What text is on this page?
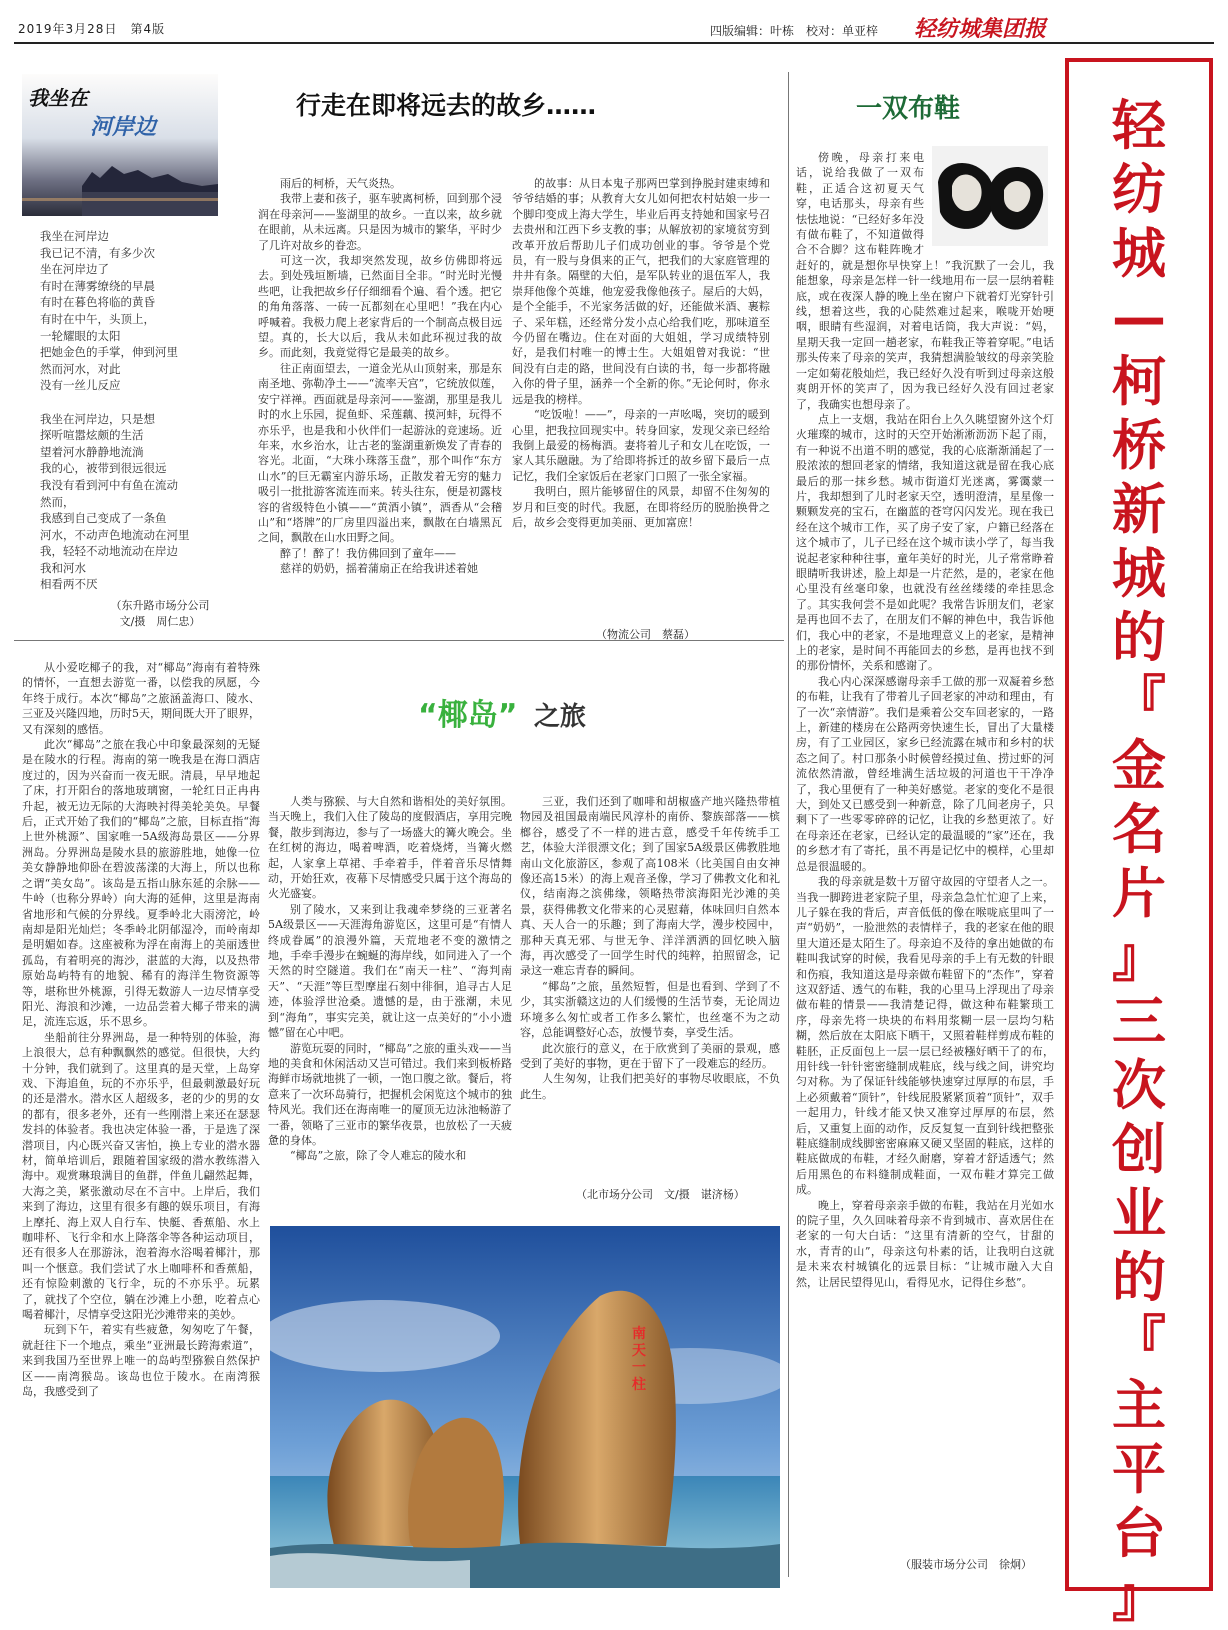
2019年3月28日　第4版	四版编辑：叶栋　校对：单亚梓 轻纺城集团报
轻
纺
城
—
柯
桥
新
城
的
『
金
名
片
』
三
次
创
业
的
『
主
平
台
』
我坐在
河岸边
我坐在河岸边
我已记不清，有多少次
坐在河岸边了
有时在薄雾缭绕的早晨
有时在暮色将临的黄昏
有时在中午，头顶上，
一轮耀眼的太阳
把她金色的手掌，伸到河里
然而河水，对此
没有一丝儿反应

我坐在河岸边，只是想
探听喧嚣炫颇的生活
望着河水静静地流淌
我的心，被带到很远很远
我没有看到河中有鱼在流动
然而，
我感到自己变成了一条鱼
河水，不动声色地流动在河里
我，轻轻不动地流动在岸边
我和河水
相看两不厌
（东升路市场分公司
文/摄　周仁忠）
行走在即将远去的故乡……

雨后的柯桥，天气炎热。

我带上妻和孩子，驱车驶离柯桥，回到那个浸润在母亲河——鉴湖里的故乡。一直以来，故乡就在眼前，从未远离。只是因为城市的繁华，平时少了几许对故乡的眷恋。

可这一次，我却突然发现，故乡仿佛即将远去。到处残垣断墙，已然面目全非。“时光时光慢些吧，让我把故乡仔仔细细看个遍、看个透。把它的角角落落、一砖一瓦都刻在心里吧！”我在内心呼喊着。我极力爬上老家背后的一个制高点极目远望。真的，长大以后，我从未如此环视过我的故乡。而此刻，我竟觉得它是最美的故乡。

往正南面望去，一道金光从山顶射来，那是东南圣地、弥勒净土——“流率天宫”，它统放似莲，安宁祥禅。西面就是母亲河——鉴湖，那里是我儿时的水上乐园，捉鱼虾、采莲藕、摸河蚌，玩得不亦乐乎，也是我和小伙伴们一起游泳的竞速场。近年来，水乡治水，让古老的鉴湖重新焕发了青春的容光。北面，“大珠小珠落玉盘”，那个叫作“东方山水”的巨无霸室内游乐场，正散发着无穷的魅力吸引一批批游客流连而来。转头往东，便是初露枝容的省级特色小镇——“黄酒小镇”，酒香从“会稽山”和“塔牌”的厂房里四溢出来，飘散在白墙黑瓦之间，飘散在山水田野之间。

醉了！醉了！我仿佛回到了童年——

慈祥的奶奶，摇着蒲扇正在给我讲述着她

的故事：从日本鬼子那两巴掌到挣脱封建束缚和爷爷结婚的事；从教育大女儿如何把农村姑娘一步一个脚印变成上海大学生，毕业后再支持她和国家号召去贵州和江西下乡支教的事；从解放初的家境贫穷到改革开放后帮助儿子们成功创业的事。爷爷是个党员，有一股与身俱来的正气，把我们的大家庭管理的井井有条。隔壁的大伯，是军队转业的退伍军人，我崇拜他像个英雄，他宠爱我像他孩子。屋后的大妈，是个全能手，不光家务活做的好，还能做米酒、裹粽子、采年糕，还经常分发小点心给我们吃，那味道至今仍留在嘴边。住在对面的大姐姐，学习成绩特别好，是我们村唯一的博士生。大姐姐曾对我说：“世间没有白走的路，世间没有白读的书，每一步都将融入你的骨子里，涵养一个全新的你。”无论何时，你永远是我的榜样。

“吃饭啦！——”，母亲的一声吆喝，突切的暖到心里，把我拉回现实中。转身回家，发现父亲已经给我倒上最爱的杨梅酒。妻将着儿子和女儿在吃饭，一家人其乐融融。为了给即将拆迁的故乡留下最后一点记忆，我们全家饭后在老家门口照了一张全家福。

我明白，照片能够留住的风景，却留不住匆匆的岁月和巨变的时代。我愿，在即将经历的脱胎换骨之后，故乡会变得更加美丽、更加富庶！

（物流公司　蔡磊）
一双布鞋

傍晚，母亲打来电话，说给我做了一双布鞋，正适合这初夏天气穿，电话那头，母亲有些怯怯地说：“已经好多年没有做布鞋了，不知道做得合不合脚？这布鞋阵晚才赶好的，就是想你早快穿上！”我沉默了一会儿，我能想象，母亲是怎样一针一线地用布一层一层纳着鞋底，或在夜深人静的晚上坐在窗户下就着灯光穿针引线，想着这些，我的心陡然难过起来，喉咙开始哽咽，眼睛有些湿润，对着电话筒，我大声说：“妈，星期天我一定回一趟老家，布鞋我正等着穿呢。”电话那头传来了母亲的笑声，我猜想满脸皱纹的母亲笑脸一定如菊花般灿烂，我已经好久没有听到过母亲这般爽朗开怀的笑声了，因为我已经好久没有回过老家了，我确实也想母亲了。

点上一支烟，我站在阳台上久久眺望窗外这个灯火璀璨的城市，这时的天空开始淅淅沥沥下起了雨，有一种说不出道不明的感觉，我的心底渐渐涌起了一股浓浓的想回老家的情绪，我知道这就是留在我心底最后的那一抹乡愁。城市街道灯光迷离，雾霭蒙一片，我却想到了儿时老家天空，透明澄清，星星像一颗颗发亮的宝石，在幽蓝的苍穹闪闪发光。现在我已经在这个城市工作，买了房子安了家，户籍已经落在这个城市了，儿子已经在这个城市读小学了，每当我说起老家种种往事，童年美好的时光，儿子常常睁着眼睛听我讲述，脸上却是一片茫然，是的，老家在他心里没有丝毫印象，也就没有丝丝缕缕的牵挂思念了。其实我何尝不是如此呢？我常告诉朋友们，老家是再也回不去了，在朋友们不解的神色中，我告诉他们，我心中的老家，不是地理意义上的老家，是精神上的老家，是时间不再能回去的乡愁，是再也找不到的那份情怀，关系和感谢了。

我心内心深深感谢母亲手工做的那一双凝着乡愁的布鞋，让我有了带着儿子回老家的冲动和理由，有了一次“亲情游”。我们是乘着公交车回老家的，一路上，新建的楼房在公路两旁快速生长，冒出了大量楼房，有了工业园区，家乡已经流露在城市和乡村的状态之间了。村口那条小时候曾经摸过鱼、捞过虾的河流依然清澈，曾经堆满生活垃圾的河道也干干净净了，我心里便有了一种美好感觉。老家的变化不是很大，到处又已感受到一种新意，除了几间老房子，只剩下了一些零零碎碎的记忆，让我的乡愁更浓了。好在母亲还在老家，已经认定的最温暖的“家”还在，我的乡愁才有了寄托，虽不再是记忆中的模样，心里却总是很温暖的。

我的母亲就是数十万留守故园的守望者人之一。当我一脚跨进老家院子里，母亲急急忙忙迎了上来，儿子躲在我的背后，声音低低的像在喉咙底里叫了一声“奶奶”，一脸泄然的表情样子，我的老家在他的眼里大道还是太陌生了。母亲迫不及待的拿出她做的布鞋叫我试穿的时候，我看见母亲的手上有无数的针眼和伤痕，我知道这是母亲做布鞋留下的“杰作”，穿着这双舒适、透气的布鞋，我的心里马上浮现出了母亲做布鞋的情景——我清楚记得，做这种布鞋繁琐工序，母亲先将一块块的布料用浆糊一层一层均匀粘糊，然后放在太阳底下晒干，又照着鞋样剪成布鞋的鞋胚，正反面包上一层一层已经被糨好晒干了的布，用针线一针针密密缝制成鞋底，线与线之间，讲究均匀对称。为了保证针线能够快速穿过厚厚的布层，手上必须戴着“顶针”，针线屁股紧紧顶着“顶针”，双手一起用力，针线才能又快又准穿过厚厚的布层，然后，又重复上面的动作，反反复复一直到针线把整张鞋底缝制成线脚密密麻麻又硬又坚固的鞋底，这样的鞋底做成的布鞋，才经久耐磨，穿着才舒适透气；然后用黑色的布料缝制成鞋面，一双布鞋才算完工做成。

晚上，穿着母亲亲手做的布鞋，我站在月光如水的院子里，久久回味着母亲不肯到城市、喜欢居住在老家的一句大白话：“这里有清新的空气，甘甜的水，青青的山”，母亲这句朴素的话，让我明白这就是未来农村城镇化的远景目标：“让城市融入大自然，让居民望得见山，看得见水，记得住乡愁”。

（服装市场分公司　徐炯）

从小爱吃椰子的我，对“椰岛”海南有着特殊的情怀，一直想去游览一番，以偿我的夙愿，今年终于成行。本次“椰岛”之旅涵盖海口、陵水、三亚及兴隆四地，历时5天，期间既大开了眼界，又有深刻的感悟。

此次“椰岛”之旅在我心中印象最深刻的无疑是在陵水的行程。海南的第一晚我是在海口酒店度过的，因为兴奋而一夜无眠。清晨，早早地起了床，打开阳台的落地玻璃窗，一轮红日正冉冉升起，被无边无际的大海映衬得美轮美奂。早餐后，正式开始了我们的“椰岛”之旅，目标直指“海上世外桃源”、国家唯一5A级海岛景区——分界洲岛。分界洲岛是陵水县的旅游胜地，她像一位美女静静地仰卧在碧波荡漾的大海上，所以也称之谓“美女岛”。该岛是五指山脉东延的余脉——牛岭（也称分界岭）向大海的延伸，这里是海南省地形和气候的分界线。夏季岭北大雨滂沱，岭南却是阳光灿烂；冬季岭北阴郁湿冷，而岭南却是明媚如春。这座被称为浮在南海上的美丽透世孤岛，有着明亮的海沙，湛蓝的大海，以及热带原始岛屿特有的地貌、稀有的海洋生物资源等等，堪称世外桃源，引得无数游人一边尽情享受阳光、海浪和沙滩，一边品尝着大椰子带来的满足，流连忘返，乐不思乡。

坐船前往分界洲岛，是一种特别的体验，海上浪很大，总有种飘飘然的感觉。但很快，大约十分钟，我们就到了。这里真的是天堂，上岛穿戏、下海追鱼，玩的不亦乐乎，但最刺激最好玩的还是潜水。潜水区人超级多，老的少的男的女的都有，很多老外，还有一些刚潜上来还在瑟瑟发抖的体验者。我也决定体验一番，于是选了深潜项目，内心既兴奋又害怕，换上专业的潜水器材，简单培训后，跟随着国家级的潜水教练潜入海中。观赏琳琅满目的鱼群，伴鱼儿翩然起舞，大海之美，紧张激动尽在不言中。上岸后，我们来到了海边，这里有很多有趣的娱乐项目，有海上摩托、海上双人自行车、快艇、香蕉船、水上咖啡杯、飞行伞和水上降落伞等各种运动项目，还有很多人在那游泳，泡着海水浴喝着椰汁，那叫一个惬意。我们尝试了水上咖啡杯和香蕉船，还有惊险刺激的飞行伞，玩的不亦乐乎。玩累了，就找了个空位，躺在沙滩上小憩，吃着点心喝着椰汁，尽情享受这阳光沙滩带来的美妙。

玩到下午，着实有些疲惫，匆匆吃了午餐，就赶往下一个地点，乘坐“亚洲最长跨海索道”，来到我国乃至世界上唯一的岛屿型猕猴自然保护区——南湾猴岛。该岛也位于陵水。在南湾猴岛，我感受到了

“椰岛” 之旅

人类与猕猴、与大自然和谐相处的美好氛围。当天晚上，我们入住了陵岛的度假酒店，享用完晚餐，散步到海边，参与了一场盛大的篝火晚会。坐在红树的海边，喝着啤酒，吃着烧烤，当篝火燃起，人家拿上草裙、手牵着手，伴着音乐尽情舞动，开始狂欢，夜幕下尽情感受只属于这个海岛的火光盛宴。

别了陵水，又来到让我魂牵梦绕的三亚著名5A级景区——天涯海角游览区，这里可是“有情人终成眷属”的浪漫外篇，天荒地老不变的激情之地，手牵手漫步在蜿蜒的海岸线，如同进入了一个天然的时空隧道。我们在“南天一柱”、“海判南天”、“天涯”等巨型摩崖石刻中徘徊，追寻古人足迹，体验浮世沧桑。遗憾的是，由于涨潮，未见到“海角”，事实完美，就让这一点美好的“小小遗憾”留在心中吧。

游览玩耍的同时，“椰岛”之旅的重头戏——当地的美食和休闲活动又岂可错过。我们来到板桥路海鲜市场就地挑了一顿，一饱口腹之欲。餐后，将意来了一次环岛骑行，把握机会闲览这个城市的独特风光。我们还在海南唯一的厦顶无边泳池畅游了一番，领略了三亚市的繁华夜景，也放松了一天疲惫的身体。

“椰岛”之旅，除了令人难忘的陵水和

三亚，我们还到了咖啡和胡椒盛产地兴隆热带植物园及祖国最南端民风淳朴的南侨、黎族部落——槟榔谷，感受了不一样的进古意，感受千年传统手工艺，体验大洋很漂文化；到了国家5A级景区佛教胜地南山文化旅游区，参观了高108米（比美国自由女神像还高15米）的海上观音圣像，学习了佛教文化和礼仪，结南海之滨佛缘，领略热带滨海阳光沙滩的美景，获得佛教文化带来的心灵慰藉，体味回归自然本真、天人合一的乐趣；到了海南大学，漫步校园中，那种天真无邪、与世无争、洋洋洒洒的回忆映入脑海，再次感受了一回学生时代的纯粹，拍照留念，记录这一难忘青春的瞬间。

“椰岛”之旅，虽然短暂，但是也看到、学到了不少，其实浙赣这边的人们缓慢的生活节奏，无论周边环境多么匆忙或者工作多么繁忙，也丝毫不为之动容，总能调整好心态，放慢节奏，享受生活。

此次旅行的意义，在于欣赏到了美丽的景观，感受到了美好的事物，更在于留下了一段难忘的经历。

人生匆匆，让我们把美好的事物尽收眼底，不负此生。

（北市场分公司　文/摄　谌济杨）
南天一柱
